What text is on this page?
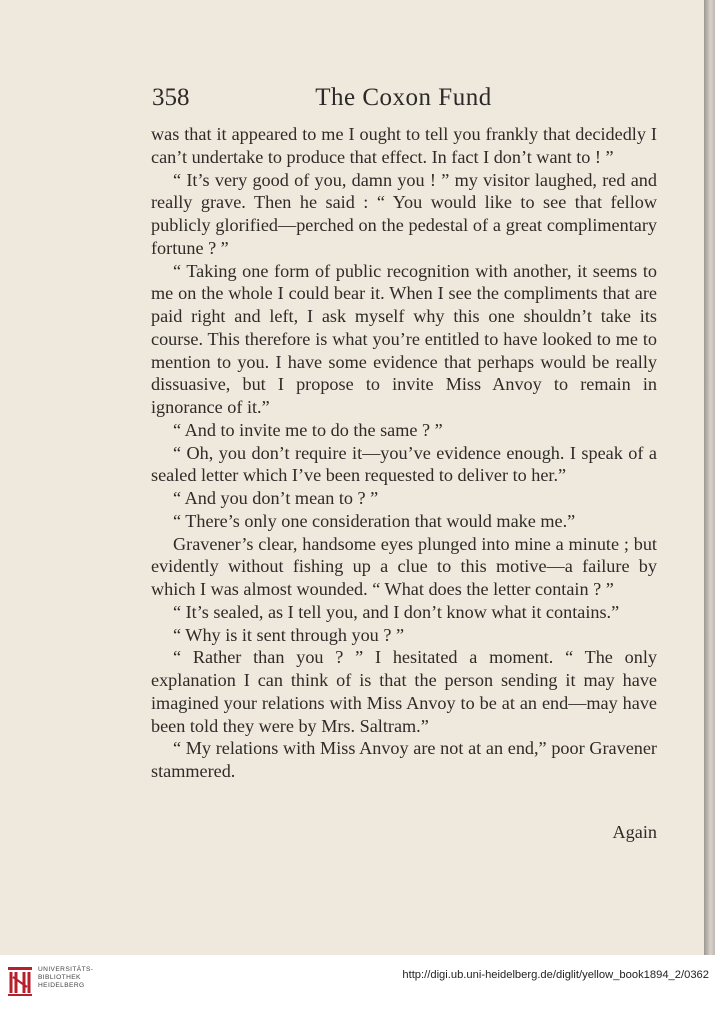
358	The Coxon Fund

was that it appeared to me I ought to tell you frankly that decidedly I can’t undertake to produce that effect. In fact I don’t want to ! ”

“ It’s very good of you, damn you ! ” my visitor laughed, red and really grave. Then he said : “ You would like to see that fellow publicly glorified—perched on the pedestal of a great complimentary fortune ? ”

“ Taking one form of public recognition with another, it seems to me on the whole I could bear it. When I see the compliments that are paid right and left, I ask myself why this one shouldn’t take its course. This therefore is what you’re entitled to have looked to me to mention to you. I have some evidence that perhaps would be really dissuasive, but I propose to invite Miss Anvoy to remain in ignorance of it.”

“ And to invite me to do the same ? ”

“ Oh, you don’t require it—you’ve evidence enough. I speak of a sealed letter which I’ve been requested to deliver to her.”

“ And you don’t mean to ? ”

“ There’s only one consideration that would make me.”

Gravener’s clear, handsome eyes plunged into mine a minute ; but evidently without fishing up a clue to this motive—a failure by which I was almost wounded. “ What does the letter contain ? ”

“ It’s sealed, as I tell you, and I don’t know what it contains.”

“ Why is it sent through you ? ”

“ Rather than you ? ” I hesitated a moment. “ The only explanation I can think of is that the person sending it may have imagined your relations with Miss Anvoy to be at an end—may have been told they were by Mrs. Saltram.”

“ My relations with Miss Anvoy are not at an end,” poor Gravener stammered.

Again
UNIVERSITÄTS-
BIBLIOTHEK
HEIDELBERG
http://digi.ub.uni-heidelberg.de/diglit/yellow_book1894_2/0362
